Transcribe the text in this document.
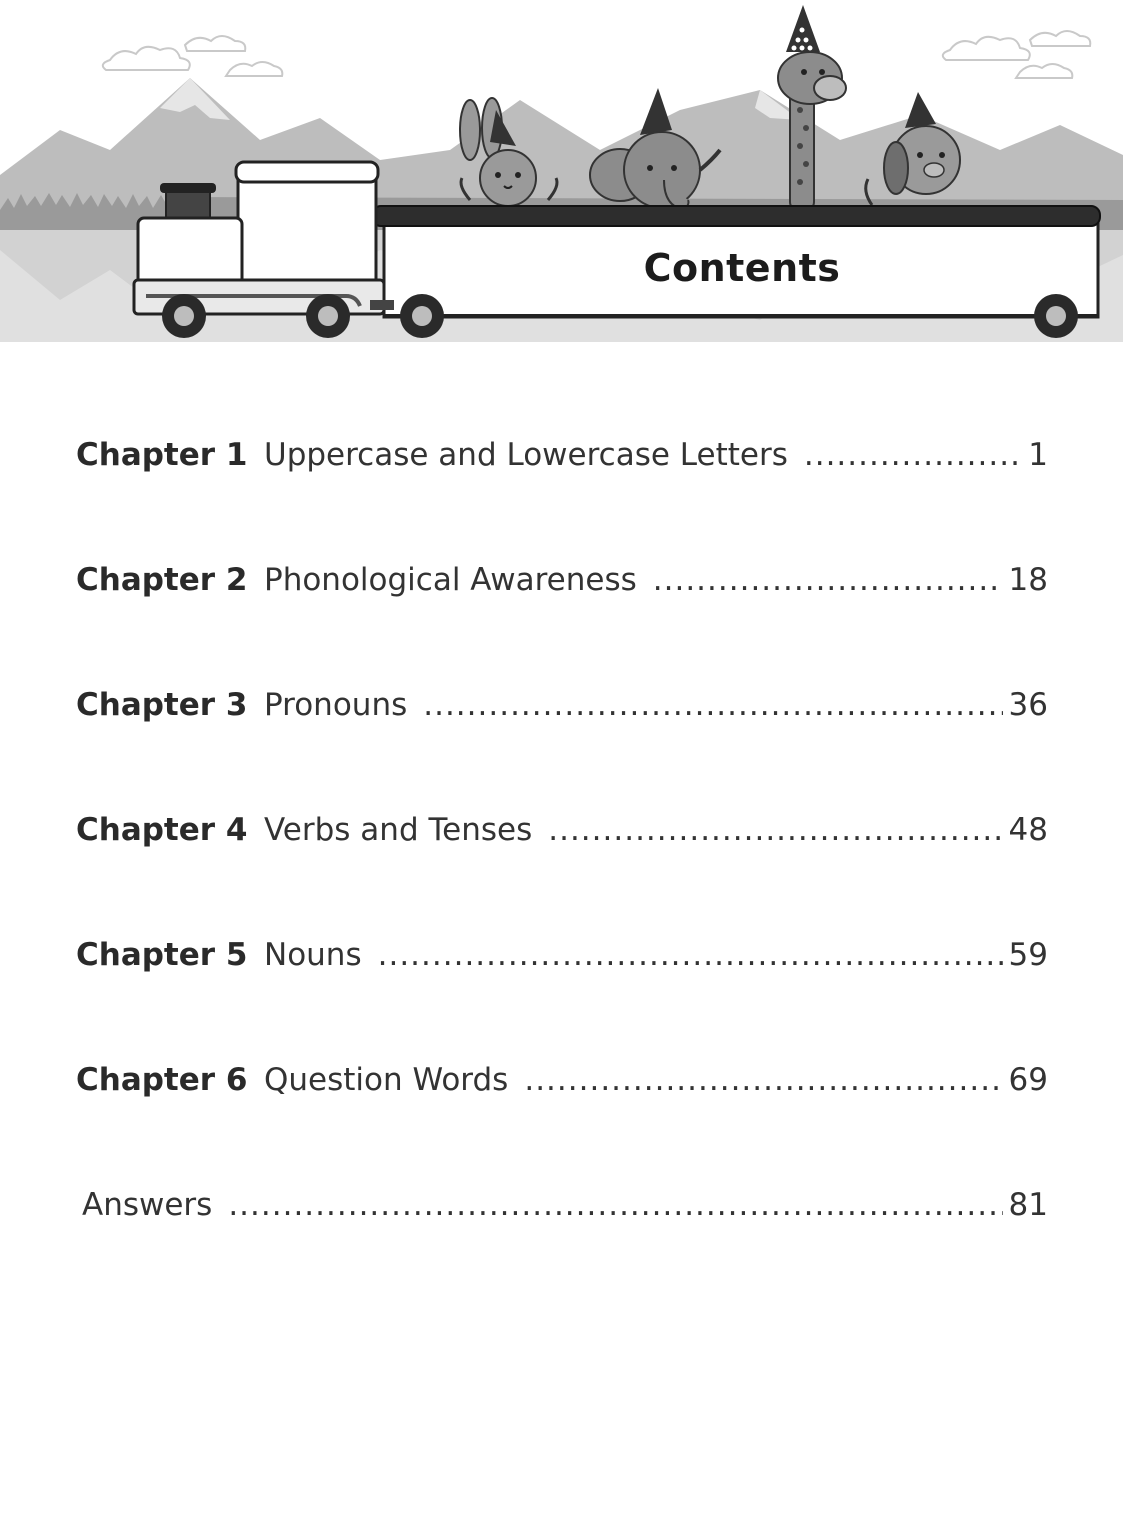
Contents
Chapter 1 Uppercase and Lowercase Letters .....	1
Chapter 2 Phonological Awareness .....	18
Chapter 3 Pronouns .....	36
Chapter 4 Verbs and Tenses .....	48
Chapter 5 Nouns .....	59
Chapter 6 Question Words .....	69
Answers .....	81
